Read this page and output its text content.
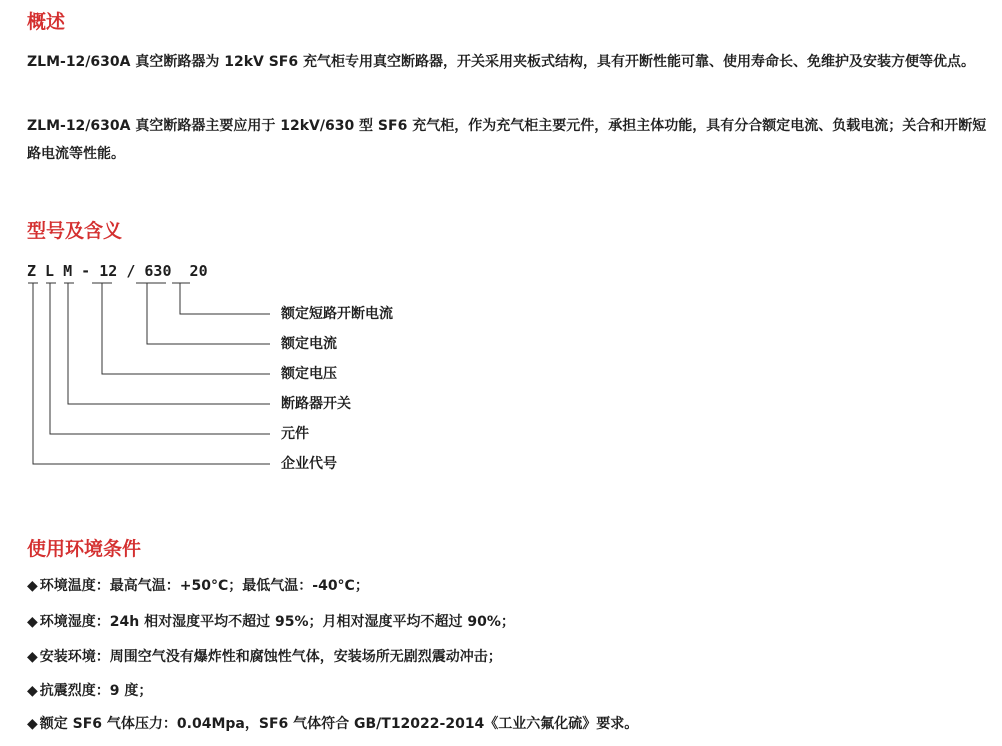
概述

ZLM-12/630A 真空断路器为 12kV SF6 充气柜专用真空断路器，开关采用夹板式结构，具有开断性能可靠、使用寿命长、免维护及安装方便等优点。

ZLM-12/630A 真空断路器主要应用于 12kV/630 型 SF6 充气柜，作为充气柜主要元件，承担主体功能，具有分合额定电流、负载电流；关合和开断短路电流等性能。

型号及含义
Z L M - 12 / 630  20
额定短路开断电流
额定电流
额定电压
断路器开关
元件
企业代号
使用环境条件
◆ 环境温度：最高气温：+50°C；最低气温：-40°C；
◆ 环境湿度：24h 相对湿度平均不超过 95%；月相对湿度平均不超过 90%；
◆ 安装环境：周围空气没有爆炸性和腐蚀性气体，安装场所无剧烈震动冲击；
◆ 抗震烈度：9 度；
◆ 额定 SF6 气体压力：0.04Mpa，SF6 气体符合 GB/T12022-2014《工业六氟化硫》要求。
